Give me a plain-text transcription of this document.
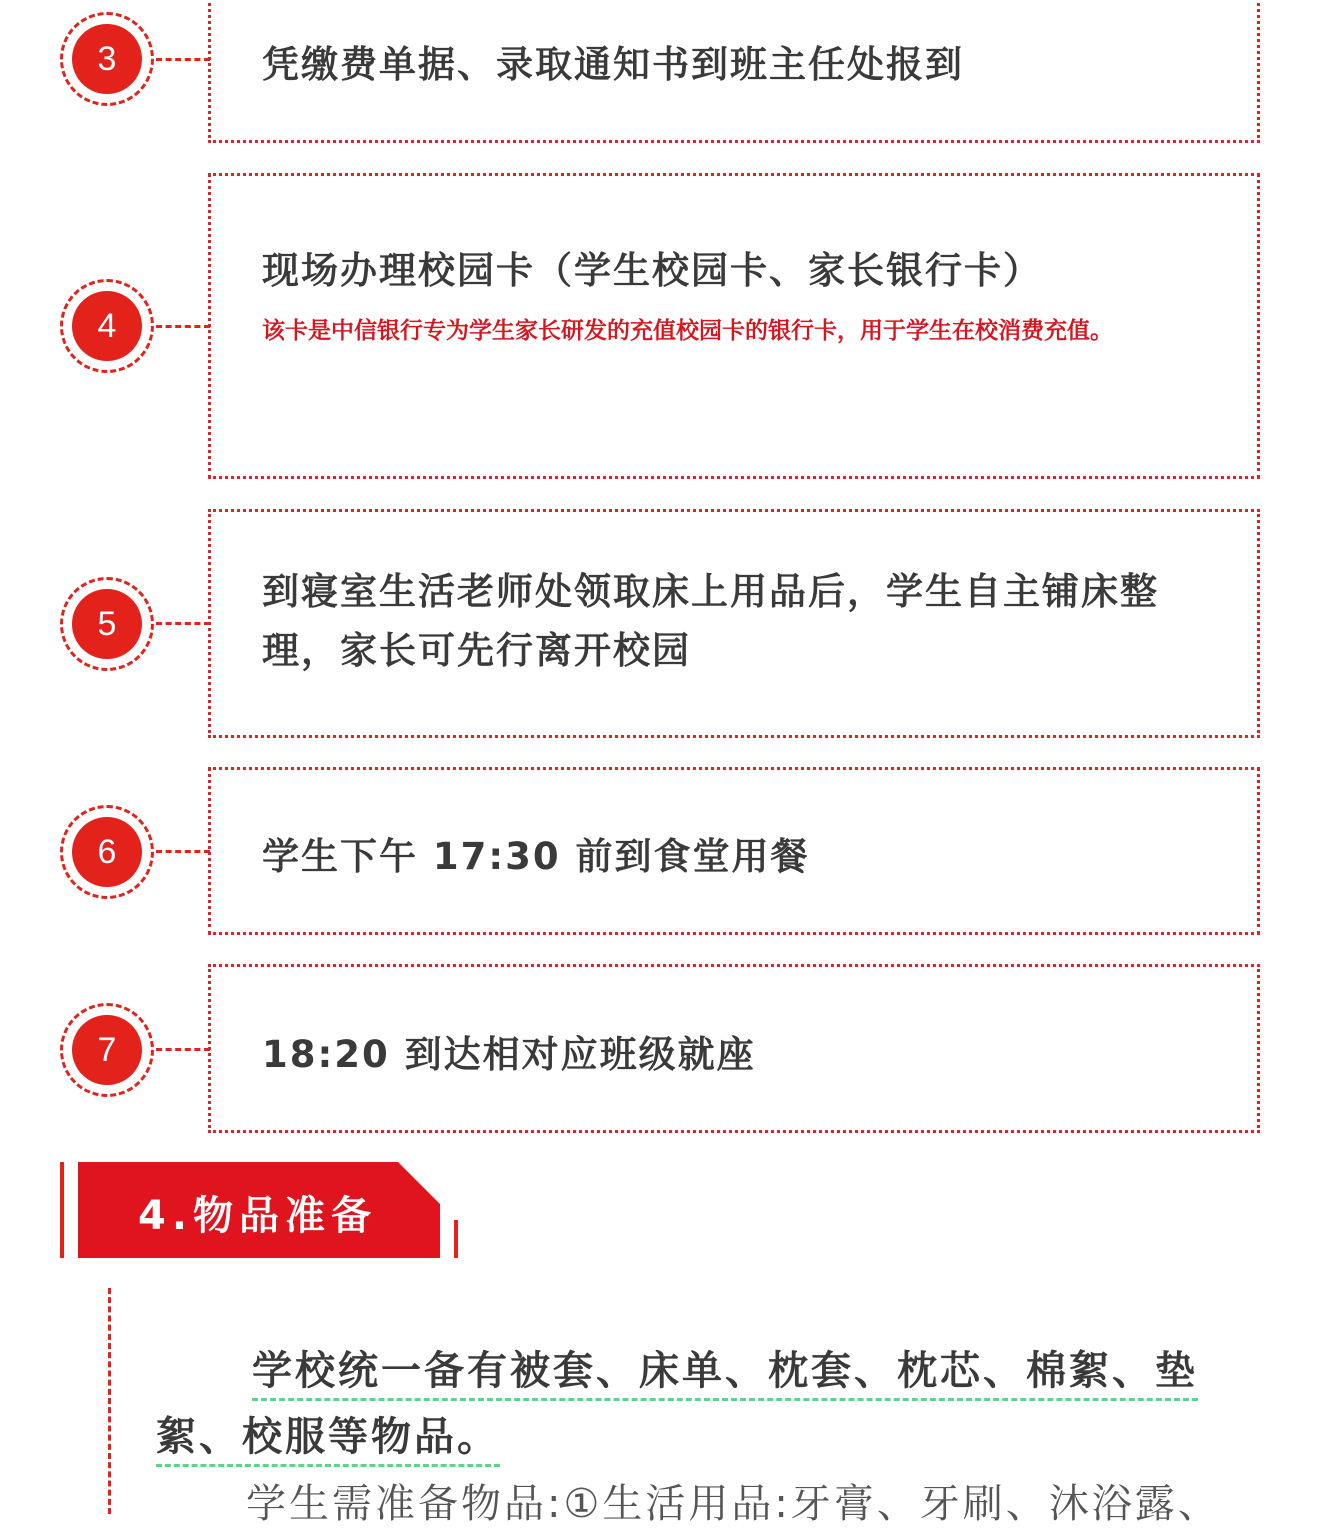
3	凭缴费单据、录取通知书到班主任处报到

4

现场办理校园卡（学生校园卡、家长银行卡）

该卡是中信银行专为学生家长研发的充值校园卡的银行卡，用于学生在校消费充值。

5

到寝室生活老师处领取床上用品后，学生自主铺床整理，家长可先行离开校园

6	学生下午 17:30 前到食堂用餐

7	18:20 到达相对应班级就座

4.物品准备

学校统一备有被套、床单、枕套、枕芯、棉絮、垫絮、校服等物品。

学生需准备物品:①生活用品:牙膏、牙刷、沐浴露、
